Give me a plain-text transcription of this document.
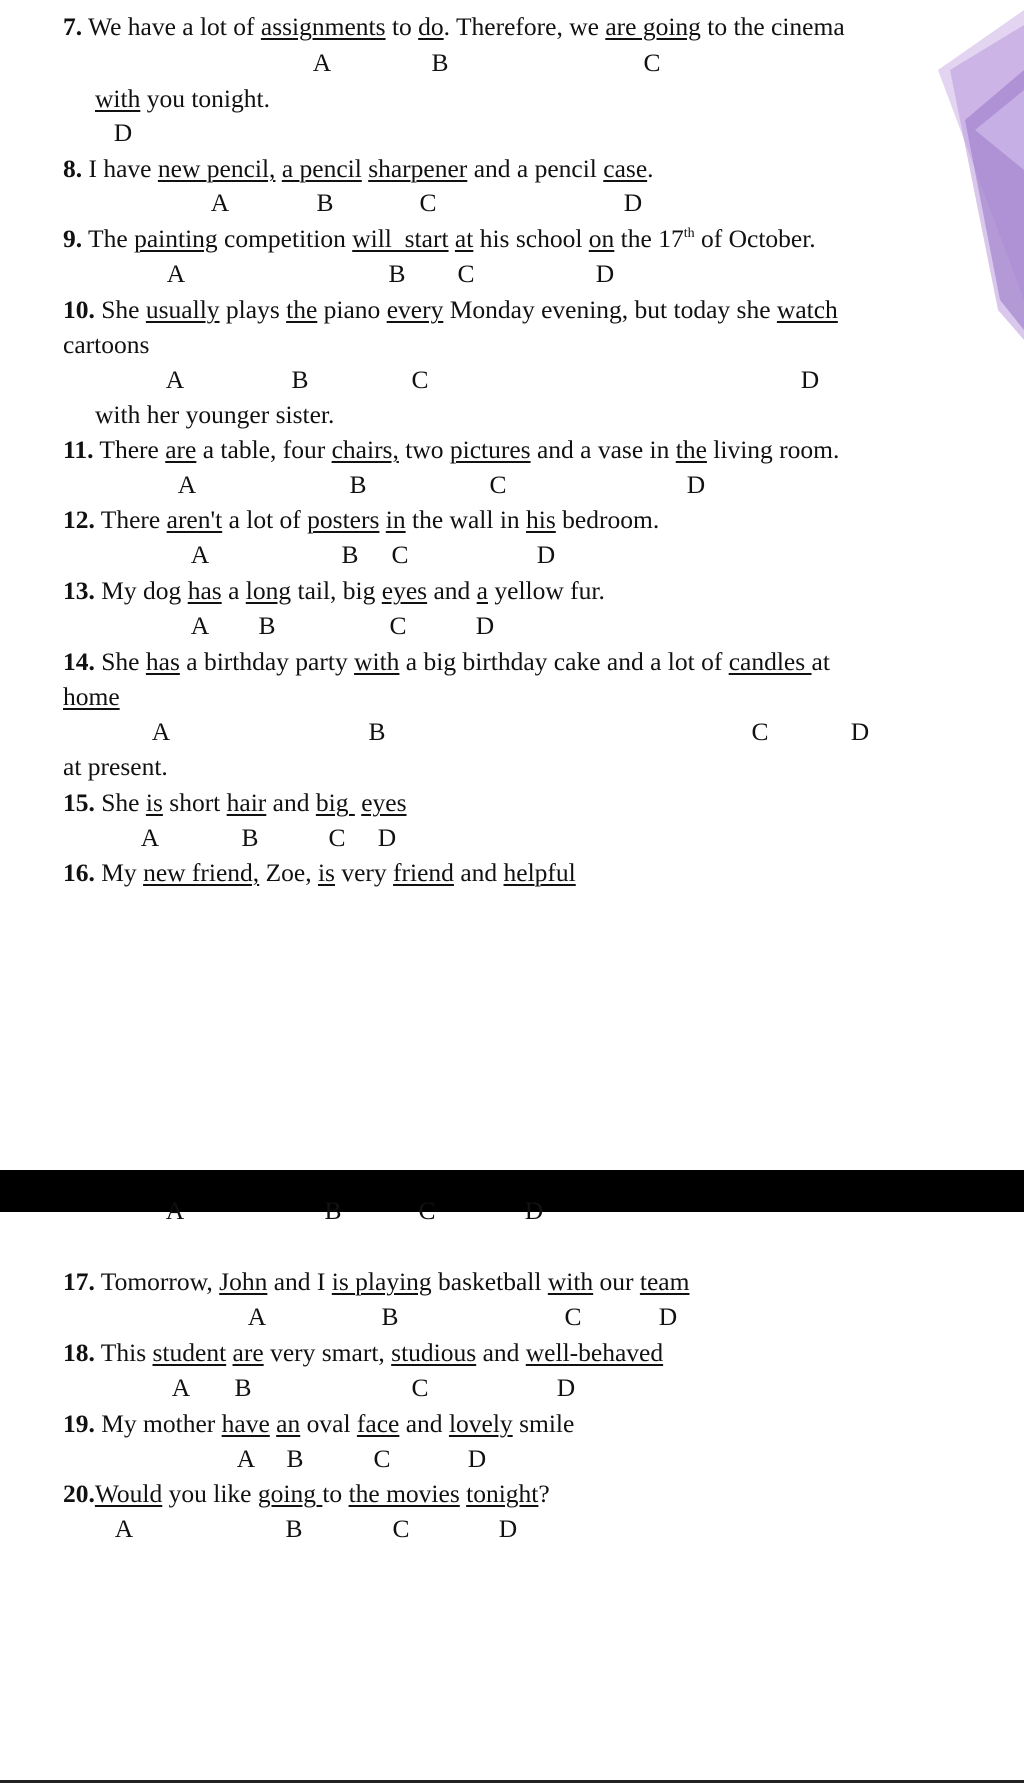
7. We have a lot of assignments to do. Therefore, we are going to the cinema
with you tonight.
8. I have new pencil, a pencil sharpener and a pencil case.
9. The painting competition will  start at his school on the 17th of October.
10. She usually plays the piano every Monday evening, but today she watch
cartoons
with her younger sister.
11. There are a table, four chairs, two pictures and a vase in the living room.
12. There aren't a lot of posters in the wall in his bedroom.
13. My dog has a long tail, big eyes and a yellow fur.
14. She has a birthday party with a big birthday cake and a lot of candles at
home
at present.
15. She is short hair and big  eyes
16. My new friend, Zoe, is very friend and helpful
17. Tomorrow, John and I is playing basketball with our team
18. This student are very smart, studious and well-behaved
19. My mother have an oval face and lovely smile
20.Would you like going to the movies tonight?
A	B	C
D
A	B	C	D
A	B C	D
A	B	C	D
A	B	C	D
A	B C	D
A B	C	D
A	B	C	D
A	B	C D
A	B	C	D
A	B	C	D
A B	C	D
A B	C	D
A	B	C	D
